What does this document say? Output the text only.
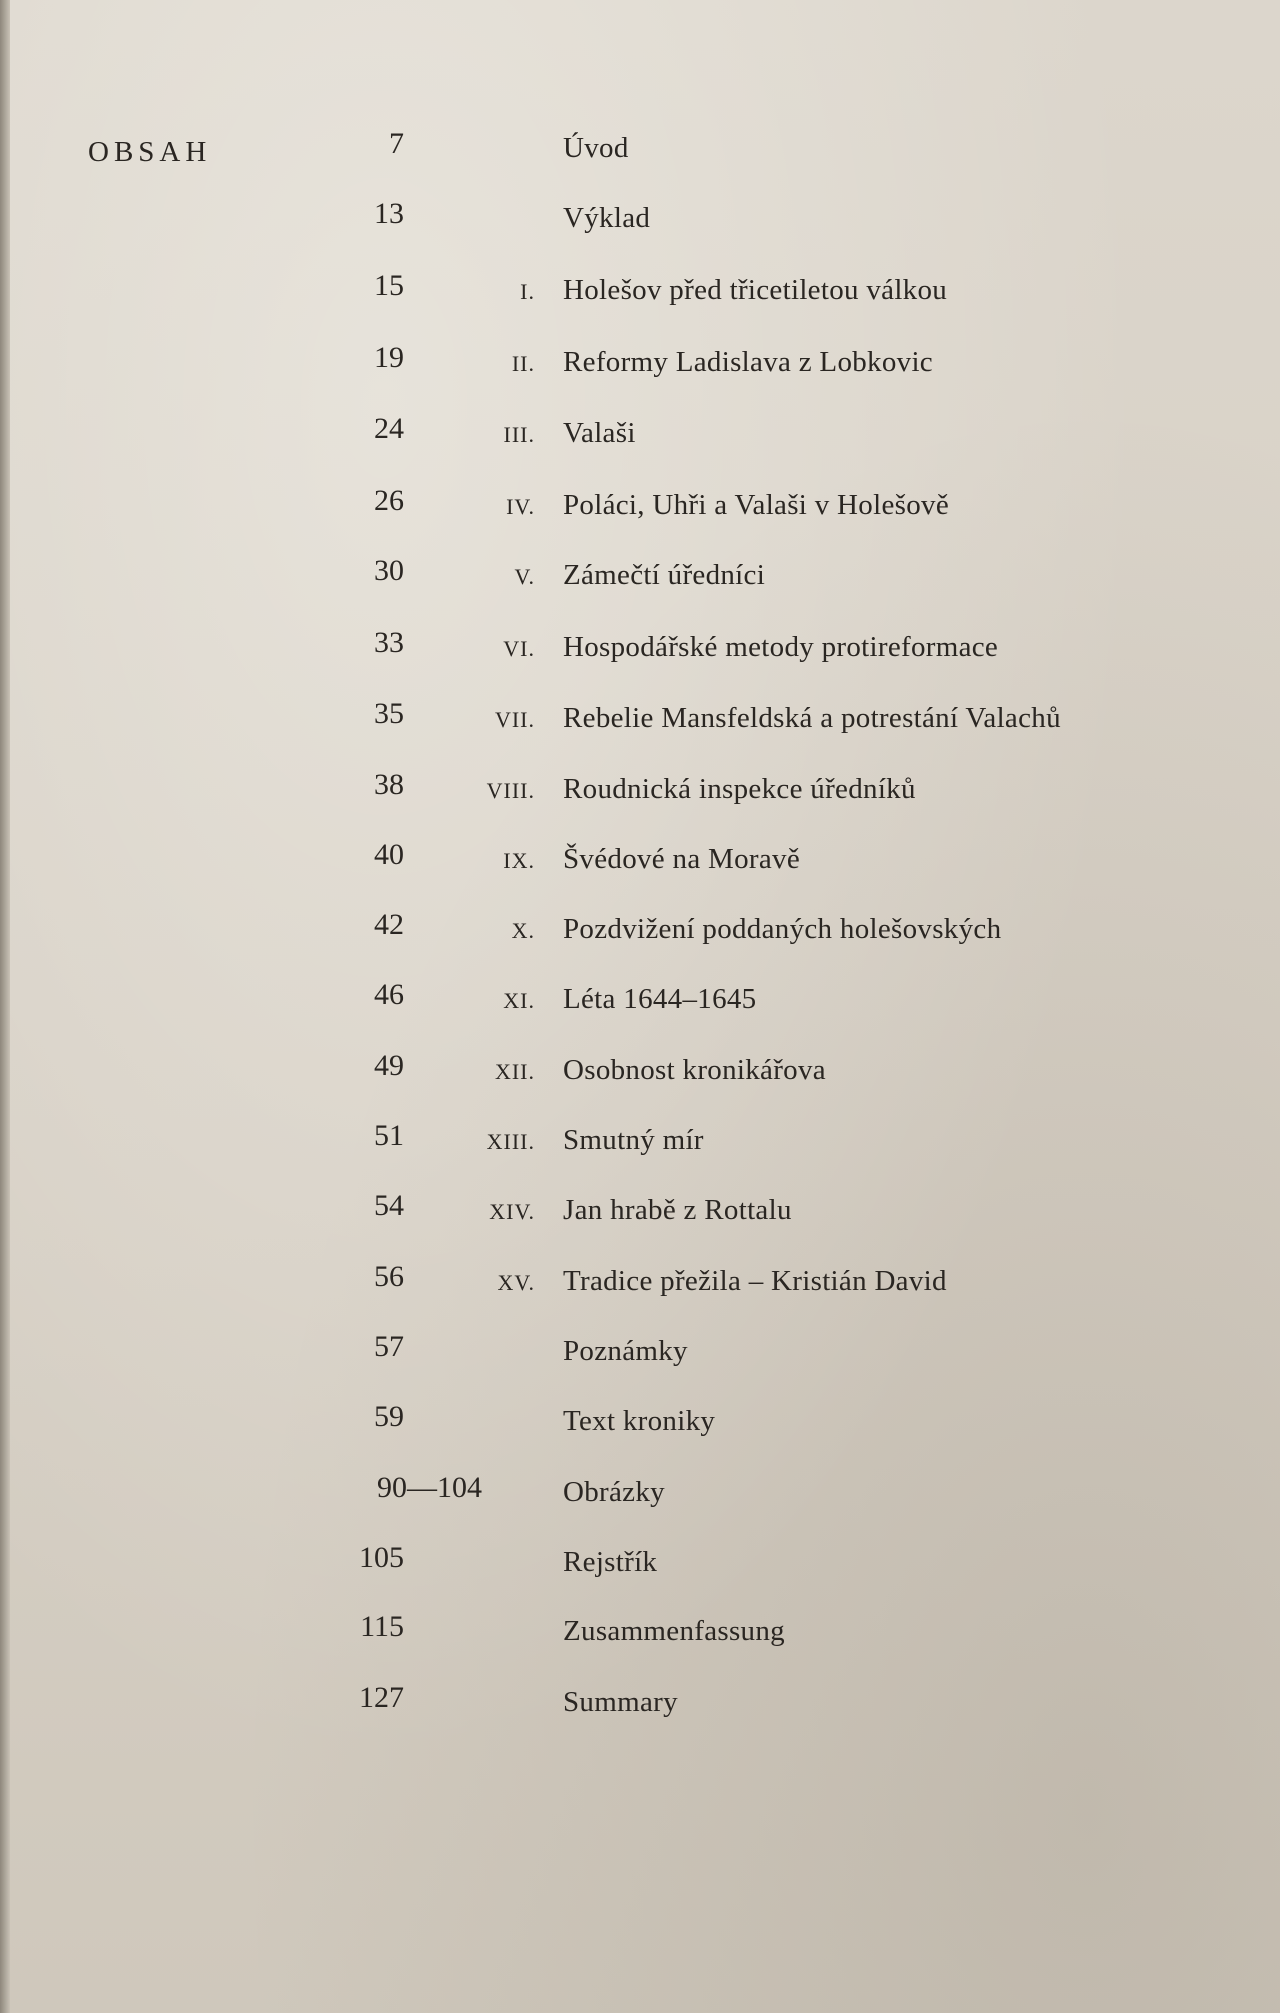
OBSAH	7	Úvod
13	Výklad
15	I. Holešov před třicetiletou válkou
19	II. Reformy Ladislava z Lobkovic
24	III. Valaši
26	IV. Poláci, Uhři a Valaši v Holešově
30	V. Zámečtí úředníci
33	VI. Hospodářské metody protireformace
35	VII. Rebelie Mansfeldská a potrestání Valachů
38	VIII. Roudnická inspekce úředníků
40	IX. Švédové na Moravě
42	X. Pozdvižení poddaných holešovských
46	XI. Léta 1644–1645
49	XII. Osobnost kronikářova
51	XIII. Smutný mír
54	XIV. Jan hrabě z Rottalu
56	XV. Tradice přežila – Kristián David
57	Poznámky
59	Text kroniky
90—104	Obrázky
105	Rejstřík
115	Zusammenfassung
127	Summary
